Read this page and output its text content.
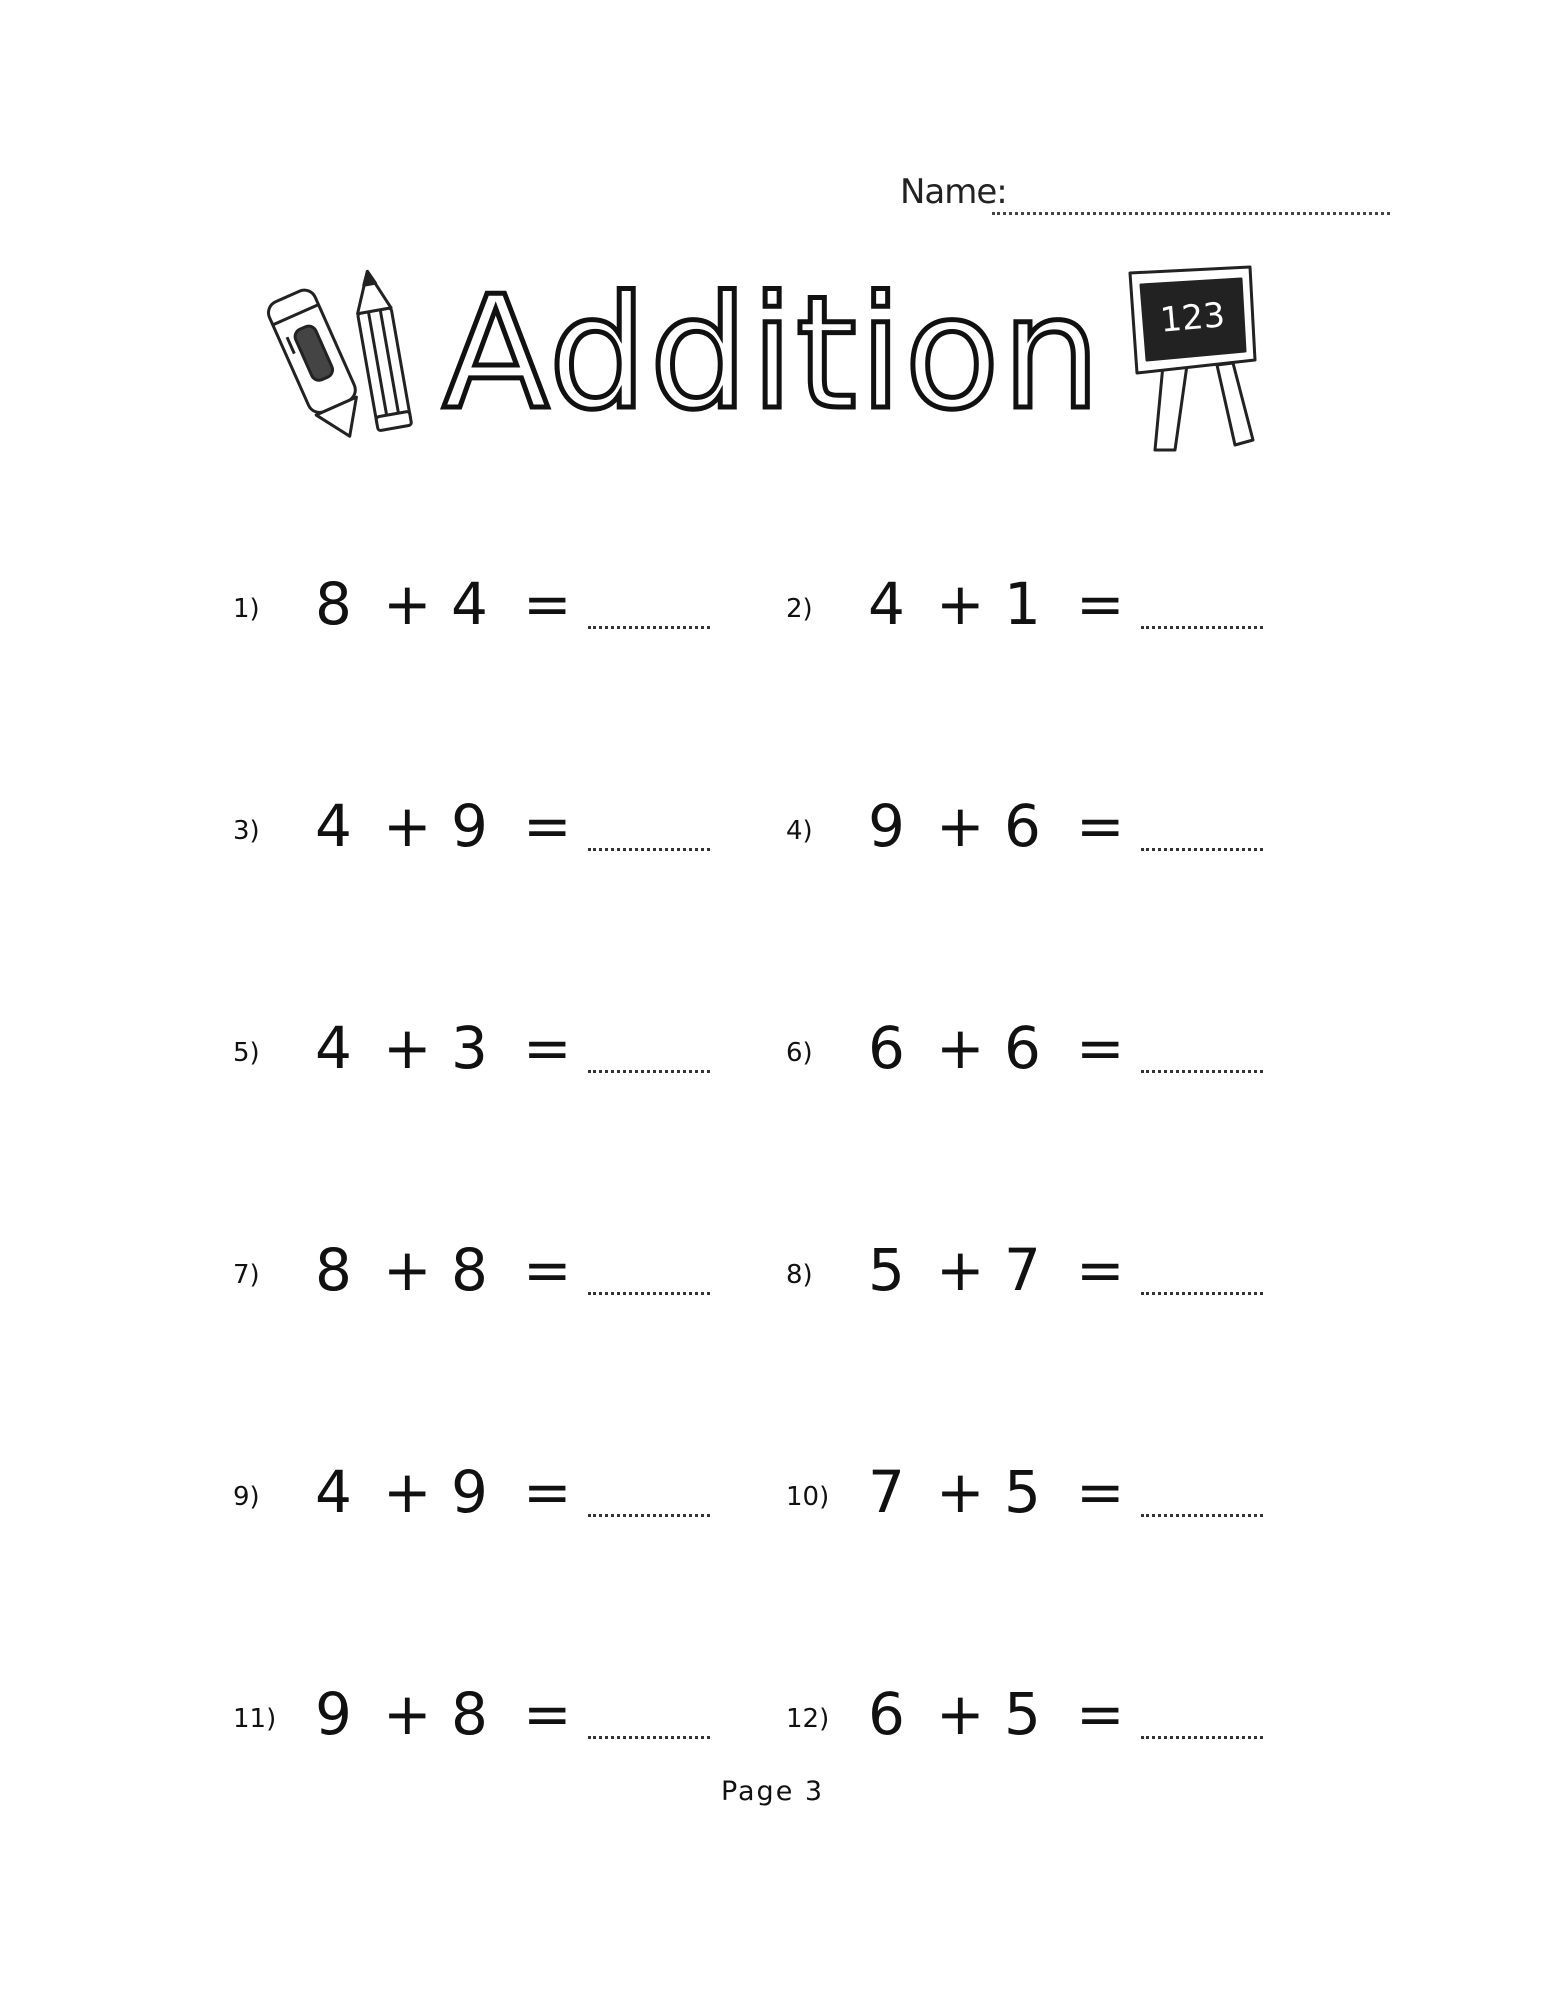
Name:
Addition	123
1) 8 + 4 =	2) 4 + 1 =
3) 4 + 9 =	4) 9 + 6 =
5) 4 + 3 =	6) 6 + 6 =
7) 8 + 8 =	8) 5 + 7 =
9) 4 + 9 =	10) 7 + 5 =
11) 9 + 8 =	12) 6 + 5 =
Page 3
